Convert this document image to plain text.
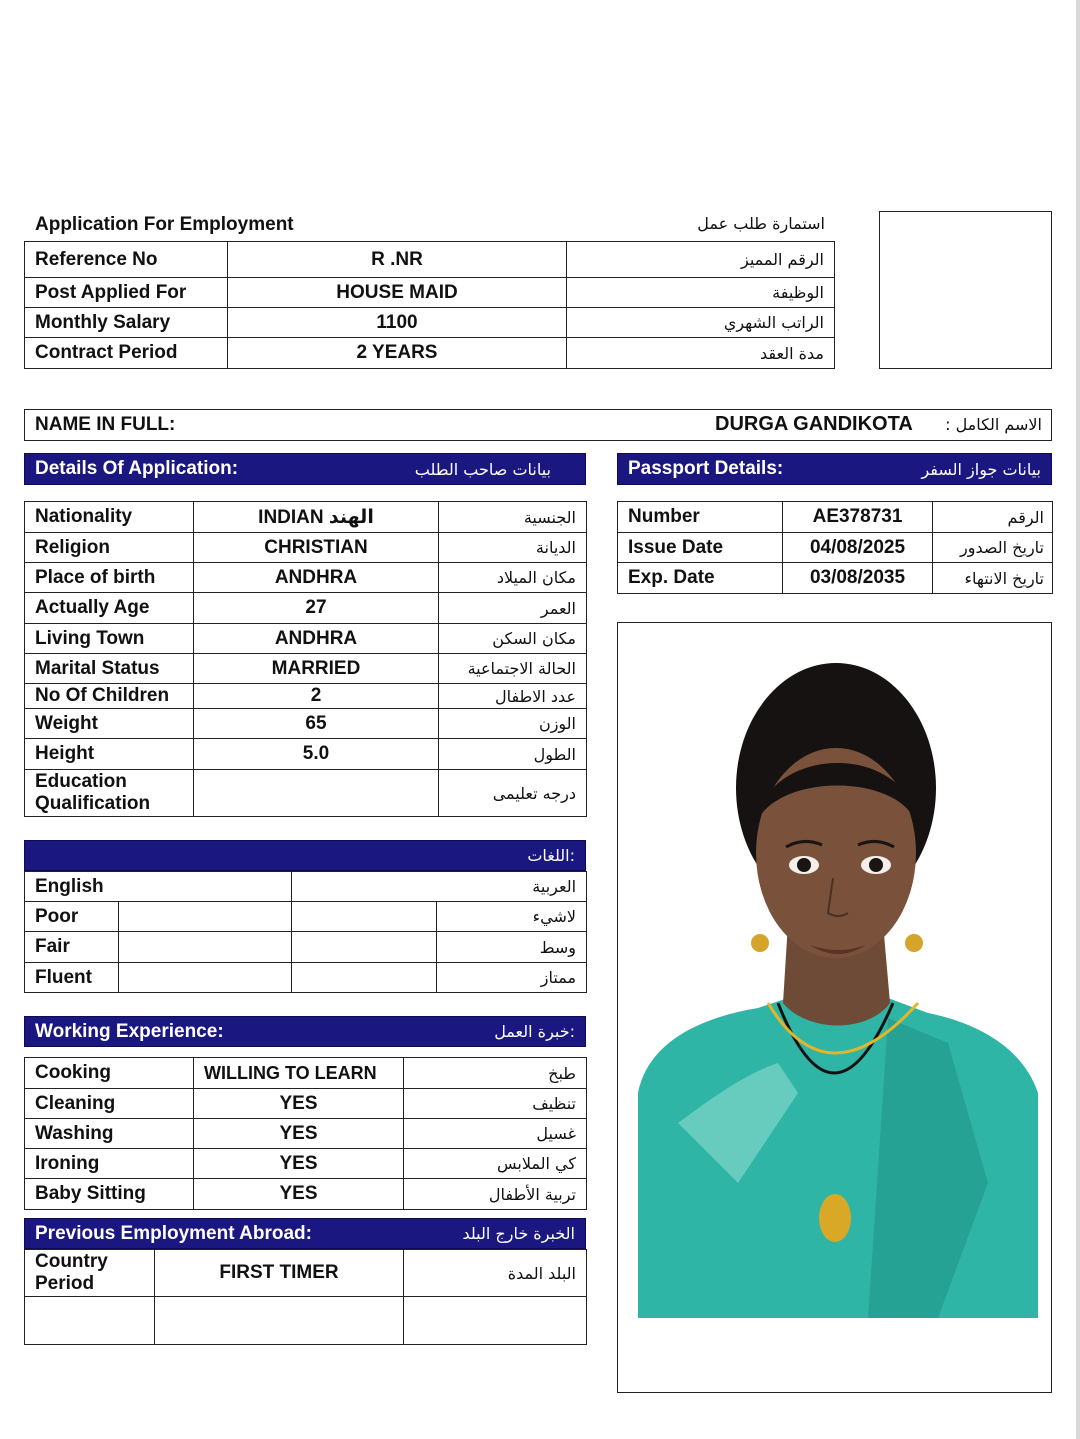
Application For Employment	استمارة طلب عمل
Reference No	R .NR	الرقم المميز
Post Applied For	HOUSE MAID	الوظيفة
Monthly Salary	1100	الراتب الشهري
Contract Period	2 YEARS	مدة العقد
NAME IN FULL:	DURGA GANDIKOTA : الاسم الكامل
Details Of Application:	بيانات صاحب الطلب	Passport Details:	بيانات جواز السفر
Nationality	INDIAN الهند	الجنسية
Religion	CHRISTIAN	الديانة
Place of birth	ANDHRA	مكان الميلاد
Actually Age	27	العمر
Living Town	ANDHRA	مكان السكن
Marital Status	MARRIED	الحالة الاجتماعية
No Of Children	2	عدد الاطفال
Weight	65	الوزن
Height	5.0	الطول
Education Qualification		درجه تعليمى
Number	AE378731	الرقم
Issue Date	04/08/2025	تاريخ الصدور
Exp. Date	03/08/2035	تاريخ الانتهاء
اللغات:
English		العربية	
Poor			لاشيء
Fair			وسط
Fluent			ممتاز
Working Experience:	خبرة العمل:
Cooking	WILLING TO LEARN	طبخ
Cleaning	YES	تنظيف
Washing	YES	غسيل
Ironing	YES	كي الملابس
Baby Sitting	YES	تربية الأطفال
Previous Employment Abroad:	الخبرة خارج البلد
Country Period	FIRST TIMER	البلد المدة
